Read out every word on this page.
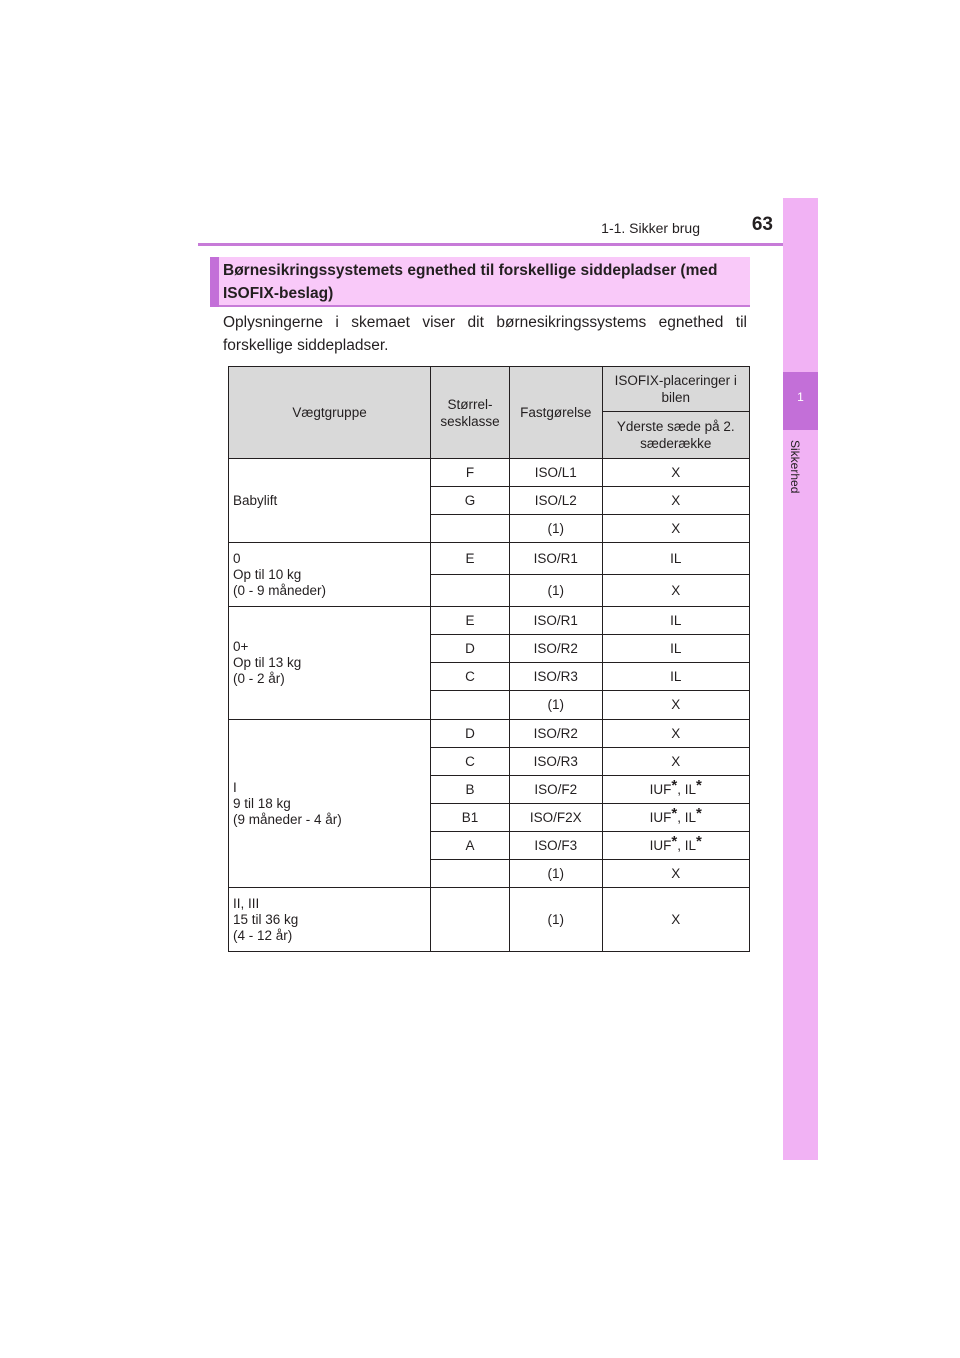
1-1. Sikker brug	63
1
Sikkerhed
Børnesikringssystemets egnethed til forskellige siddepladser (med ISOFIX-beslag)
Oplysningerne i skemaet viser dit børnesikringssystems egnethed til forskellige siddepladser.
Vægtgruppe	Størrel-sesklasse	Fastgørelse	ISOFIX-placeringer i bilen
			Yderste sæde på 2. sæderække

Babylift	F	ISO/L1	X
	G	ISO/L2	X
		(1)	X

0
Op til 10 kg
(0 - 9 måneder)	E	ISO/R1	IL
		(1)	X

0+
Op til 13 kg
(0 - 2 år)	E	ISO/R1	IL
	D	ISO/R2	IL
	C	ISO/R3	IL
		(1)	X

I
9 til 18 kg
(9 måneder - 4 år)	D	ISO/R2	X
	C	ISO/R3	X
	B	ISO/F2	IUF*, IL*
	B1	ISO/F2X	IUF*, IL*
	A	ISO/F3	IUF*, IL*
		(1)	X

II, III
15 til 36 kg
(4 - 12 år)		(1)	X
